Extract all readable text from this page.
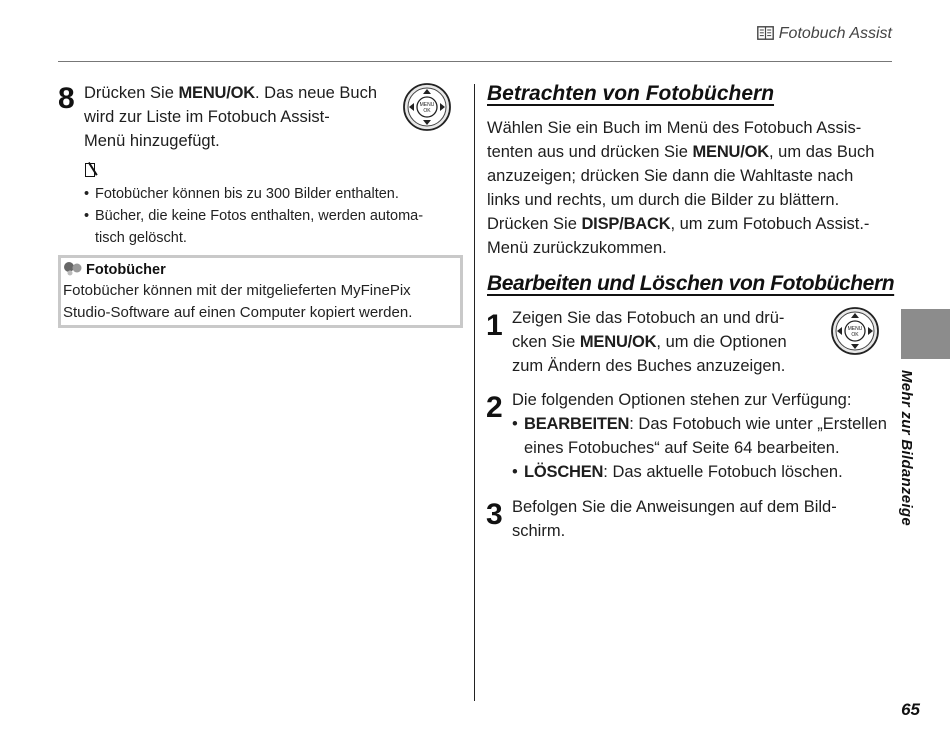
Fotobuch Assist
Mehr zur Bildanzeige
65
8 Drücken Sie MENU/OK. Das neue Buch
wird zur Liste im Fotobuch Assist-
Menü hinzugefügt.
MENU
OK
• Fotobücher können bis zu 300 Bilder enthalten.
• Bücher, die keine Fotos enthalten, werden automa-
tisch gelöscht.
Fotobücher
Fotobücher können mit der mitgelieferten MyFinePix
Studio-Software auf einen Computer kopiert werden.
Betrachten von Fotobüchern
Wählen Sie ein Buch im Menü des Fotobuch Assis-
tenten aus und drücken Sie MENU/OK, um das Buch
anzuzeigen; drücken Sie dann die Wahltaste nach
links und rechts, um durch die Bilder zu blättern.
Drücken Sie DISP/BACK, um zum Fotobuch Assist.-
Menü zurückzukommen.
Bearbeiten und Löschen von Fotobüchern
1 Zeigen Sie das Fotobuch an und drü-
cken Sie MENU/OK, um die Optionen
zum Ändern des Buches anzuzeigen.
MENU
OK
2 Die folgenden Optionen stehen zur Verfügung:
• BEARBEITEN: Das Fotobuch wie unter „Erstellen
eines Fotobuches“ auf Seite 64 bearbeiten.
• LÖSCHEN: Das aktuelle Fotobuch löschen.
3 Befolgen Sie die Anweisungen auf dem Bild-
schirm.
